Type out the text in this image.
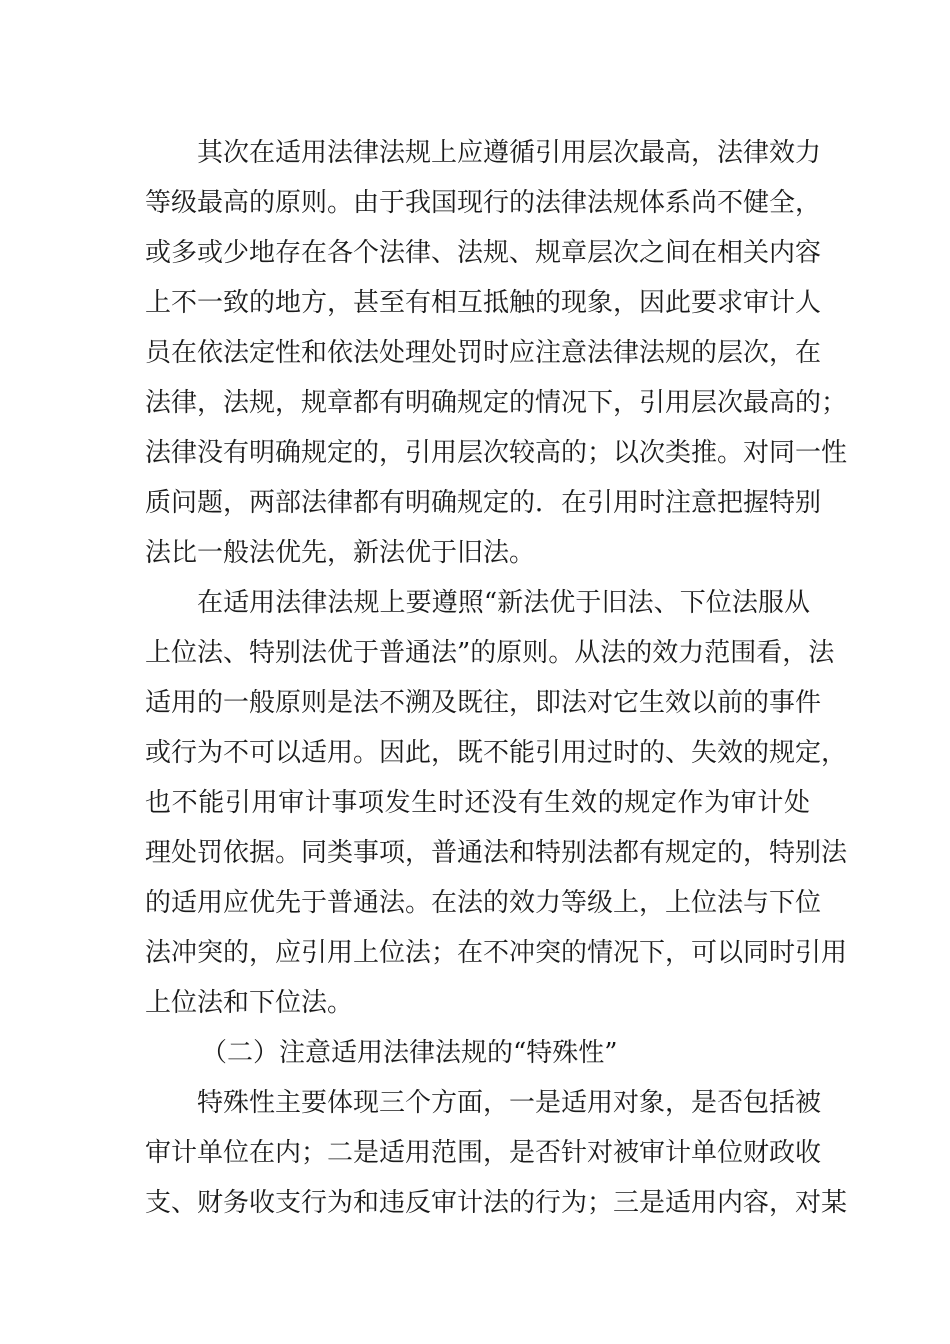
其次在适用法律法规上应遵循引用层次最高，法律效力
等级最高的原则。由于我国现行的法律法规体系尚不健全，
或多或少地存在各个法律、法规、规章层次之间在相关内容
上不一致的地方，甚至有相互抵触的现象，因此要求审计人
员在依法定性和依法处理处罚时应注意法律法规的层次，在
法律，法规，规章都有明确规定的情况下，引用层次最高的；
法律没有明确规定的，引用层次较高的；以次类推。对同一性
质问题，两部法律都有明确规定的．在引用时注意把握特别
法比一般法优先，新法优于旧法。
在适用法律法规上要遵照“新法优于旧法、下位法服从
上位法、特别法优于普通法”的原则。从法的效力范围看，法
适用的一般原则是法不溯及既往，即法对它生效以前的事件
或行为不可以适用。因此，既不能引用过时的、失效的规定，
也不能引用审计事项发生时还没有生效的规定作为审计处
理处罚依据。同类事项，普通法和特别法都有规定的，特别法
的适用应优先于普通法。在法的效力等级上，上位法与下位
法冲突的，应引用上位法；在不冲突的情况下，可以同时引用
上位法和下位法。
（二）注意适用法律法规的“特殊性”
特殊性主要体现三个方面，一是适用对象，是否包括被
审计单位在内；二是适用范围，是否针对被审计单位财政收
支、财务收支行为和违反审计法的行为；三是适用内容，对某
